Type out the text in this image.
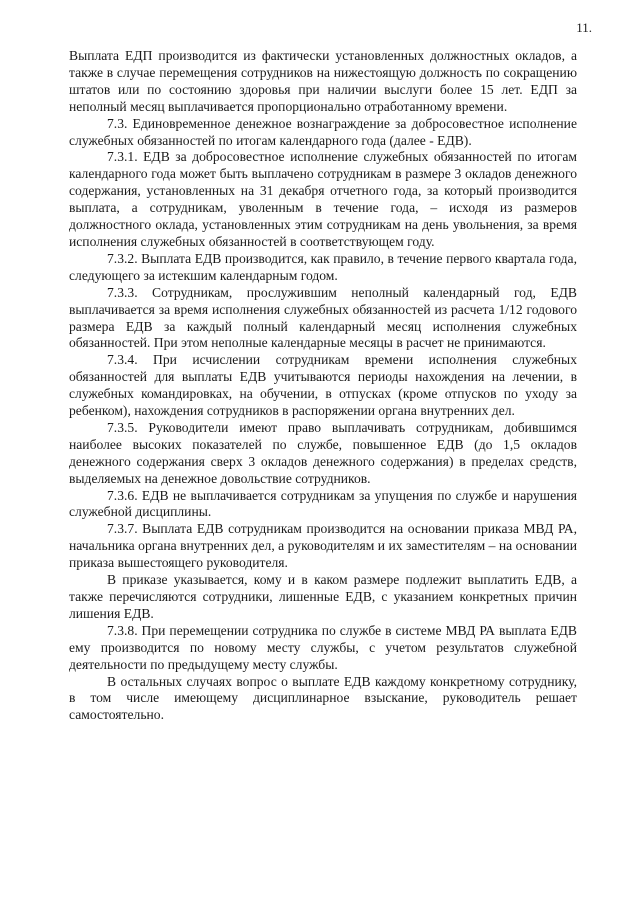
11.

Выплата ЕДП производится из фактически установленных должностных окладов, а также в случае перемещения сотрудников на нижестоящую должность по сокращению штатов или по состоянию здоровья при наличии выслуги более 15 лет. ЕДП за неполный месяц выплачивается пропорционально отработанному времени.

7.3. Единовременное денежное вознаграждение за добросовестное исполнение служебных обязанностей по итогам календарного года (далее - ЕДВ).

7.3.1. ЕДВ за добросовестное исполнение служебных обязанностей по итогам календарного года может быть выплачено сотрудникам в размере 3 окладов денежного содержания, установленных на 31 декабря отчетного года, за который производится выплата, а сотрудникам, уволенным в течение года, – исходя из размеров должностного оклада, установленных этим сотрудникам на день увольнения, за время исполнения служебных обязанностей в соответствующем году.

7.3.2. Выплата ЕДВ производится, как правило, в течение первого квартала года, следующего за истекшим календарным годом.

7.3.3. Сотрудникам, прослужившим неполный календарный год, ЕДВ выплачивается за время исполнения служебных обязанностей из расчета 1/12 годового размера ЕДВ за каждый полный календарный месяц исполнения служебных обязанностей. При этом неполные календарные месяцы в расчет не принимаются.

7.3.4. При исчислении сотрудникам времени исполнения служебных обязанностей для выплаты ЕДВ учитываются периоды нахождения на лечении, в служебных командировках, на обучении, в отпусках (кроме отпусков по уходу за ребенком), нахождения сотрудников в распоряжении органа внутренних дел.

7.3.5. Руководители имеют право выплачивать сотрудникам, добившимся наиболее высоких показателей по службе, повышенное ЕДВ (до 1,5 окладов денежного содержания сверх 3 окладов денежного содержания) в пределах средств, выделяемых на денежное довольствие сотрудников.

7.3.6. ЕДВ не выплачивается сотрудникам за упущения по службе и нарушения служебной дисциплины.

7.3.7. Выплата ЕДВ сотрудникам производится на основании приказа МВД РА, начальника органа внутренних дел, а руководителям и их заместителям – на основании приказа вышестоящего руководителя.

В приказе указывается, кому и в каком размере подлежит выплатить ЕДВ, а также перечисляются сотрудники, лишенные ЕДВ, с указанием конкретных причин лишения ЕДВ.

7.3.8. При перемещении сотрудника по службе в системе МВД РА выплата ЕДВ ему производится по новому месту службы, с учетом результатов служебной деятельности по предыдущему месту службы.

В остальных случаях вопрос о выплате ЕДВ каждому конкретному сотруднику, в том числе имеющему дисциплинарное взыскание, руководитель решает самостоятельно.
